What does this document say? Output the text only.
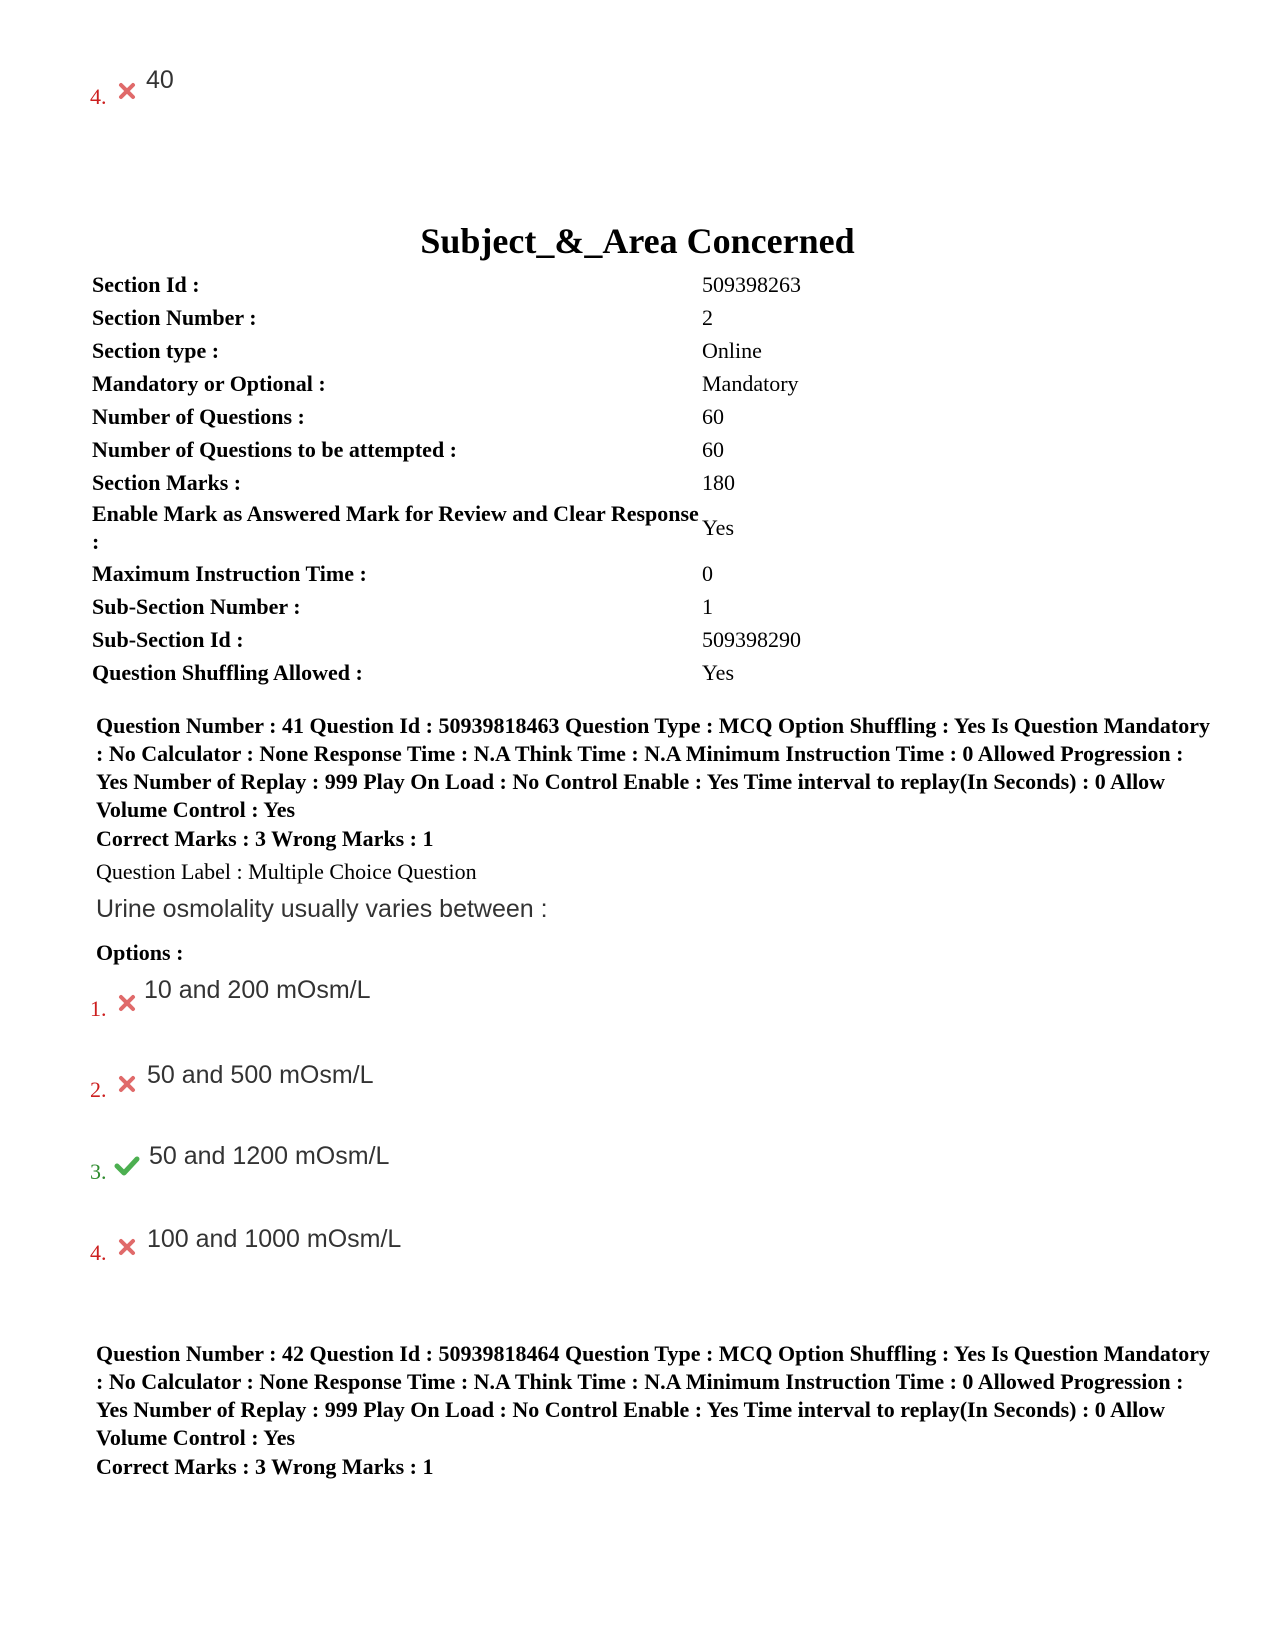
4.
40
Subject_&_Area Concerned
Section Id :	509398263
Section Number :	2
Section type :	Online
Mandatory or Optional :	Mandatory
Number of Questions :	60
Number of Questions to be attempted :	60
Section Marks :	180
Enable Mark as Answered Mark for Review and Clear Response :
Yes
Maximum Instruction Time :	0
Sub-Section Number :	1
Sub-Section Id :	509398290
Question Shuffling Allowed :	Yes
Question Number : 41 Question Id : 50939818463 Question Type : MCQ Option Shuffling : Yes Is Question Mandatory : No Calculator : None Response Time : N.A Think Time : N.A Minimum Instruction Time : 0 Allowed Progression : Yes Number of Replay : 999 Play On Load : No Control Enable : Yes Time interval to replay(In Seconds) : 0 Allow Volume Control : Yes
Correct Marks : 3 Wrong Marks : 1
Question Label : Multiple Choice Question
Urine osmolality usually varies between :
Options :
1.
10 and 200 mOsm/L
2.
50 and 500 mOsm/L
3.
50 and 1200 mOsm/L
4. 100 and 1000 mOsm/L
Question Number : 42 Question Id : 50939818464 Question Type : MCQ Option Shuffling : Yes Is Question Mandatory : No Calculator : None Response Time : N.A Think Time : N.A Minimum Instruction Time : 0 Allowed Progression : Yes Number of Replay : 999 Play On Load : No Control Enable : Yes Time interval to replay(In Seconds) : 0 Allow Volume Control : Yes
Correct Marks : 3 Wrong Marks : 1
